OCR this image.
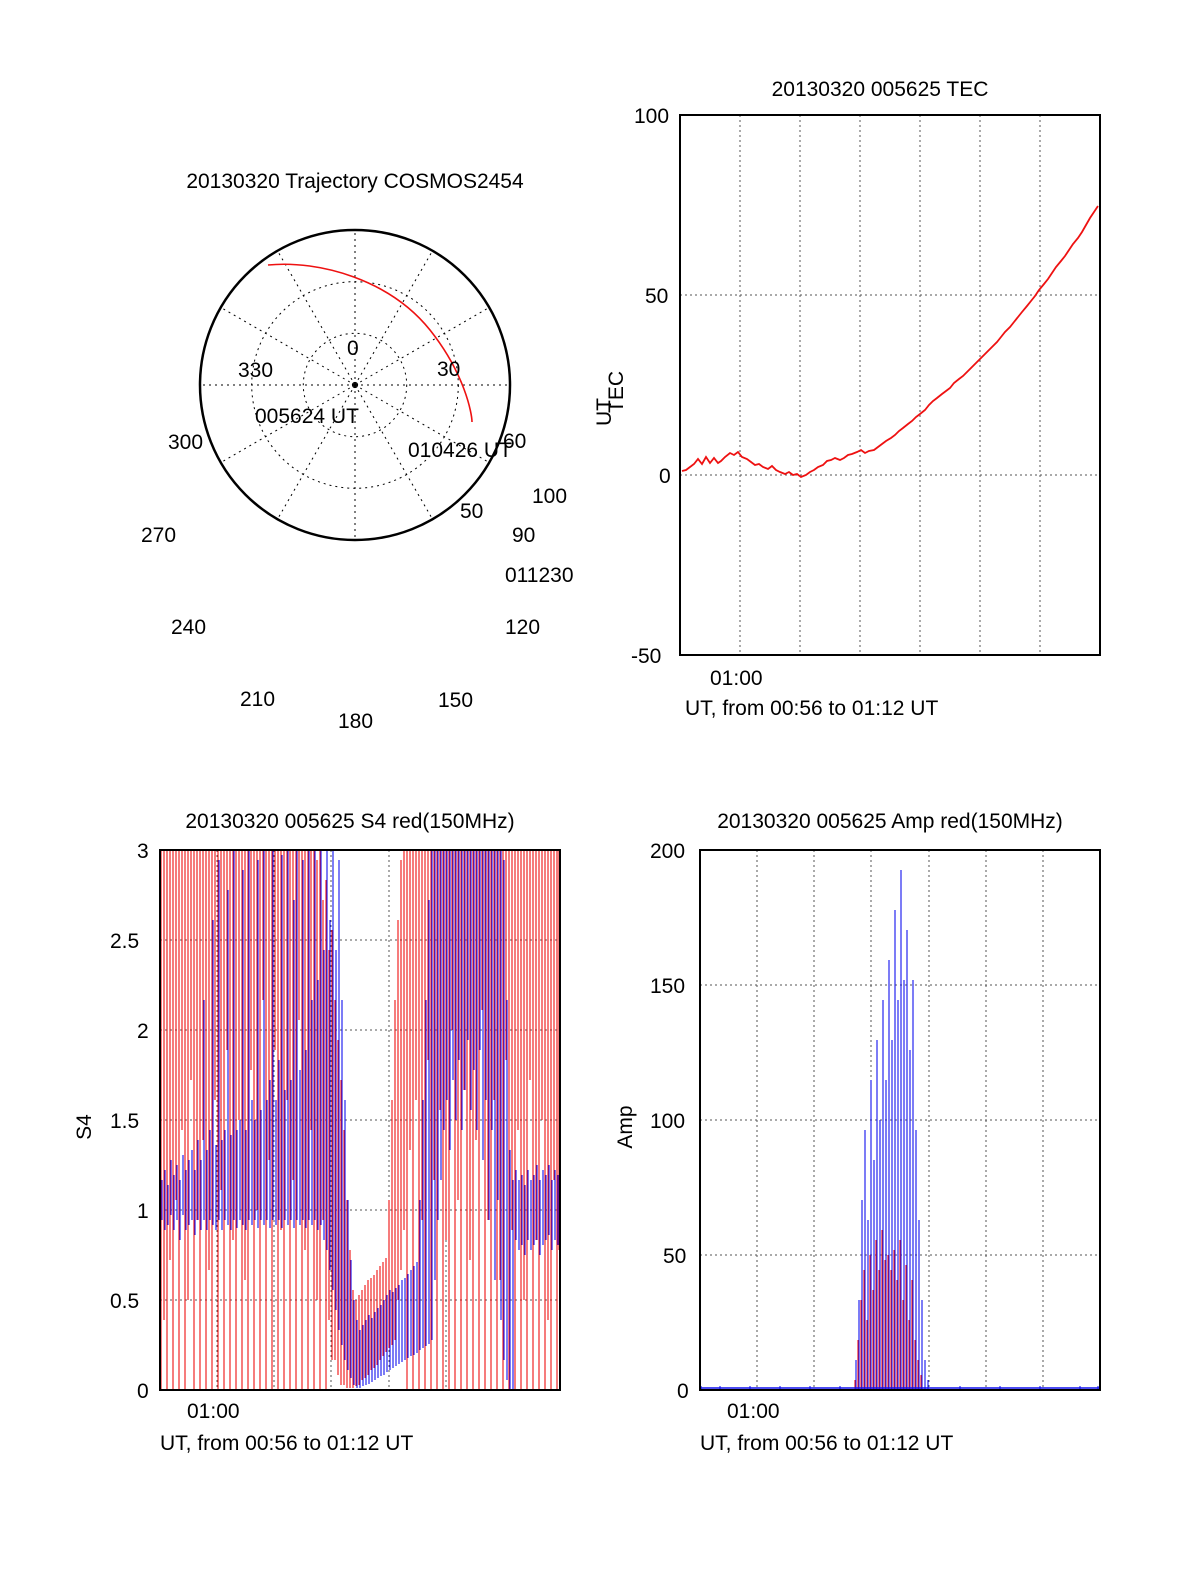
20130320 Trajectory COSMOS2454
0
30
60
90
120
150
180
210
240
270
300
330
50
100
005624 UT
010426 UT
011230
20130320 005625 TEC
100
50
0
-50
01:00
TEC
UT, from 00:56 to 01:12 UT
UT
20130320 005625 S4 red(150MHz)
3
2.5
2
1.5
1
0.5
0
01:00
S4
UT, from 00:56 to 01:12 UT
20130320 005625 Amp red(150MHz)
200
150
100
50
0
01:00
Amp
UT, from 00:56 to 01:12 UT
